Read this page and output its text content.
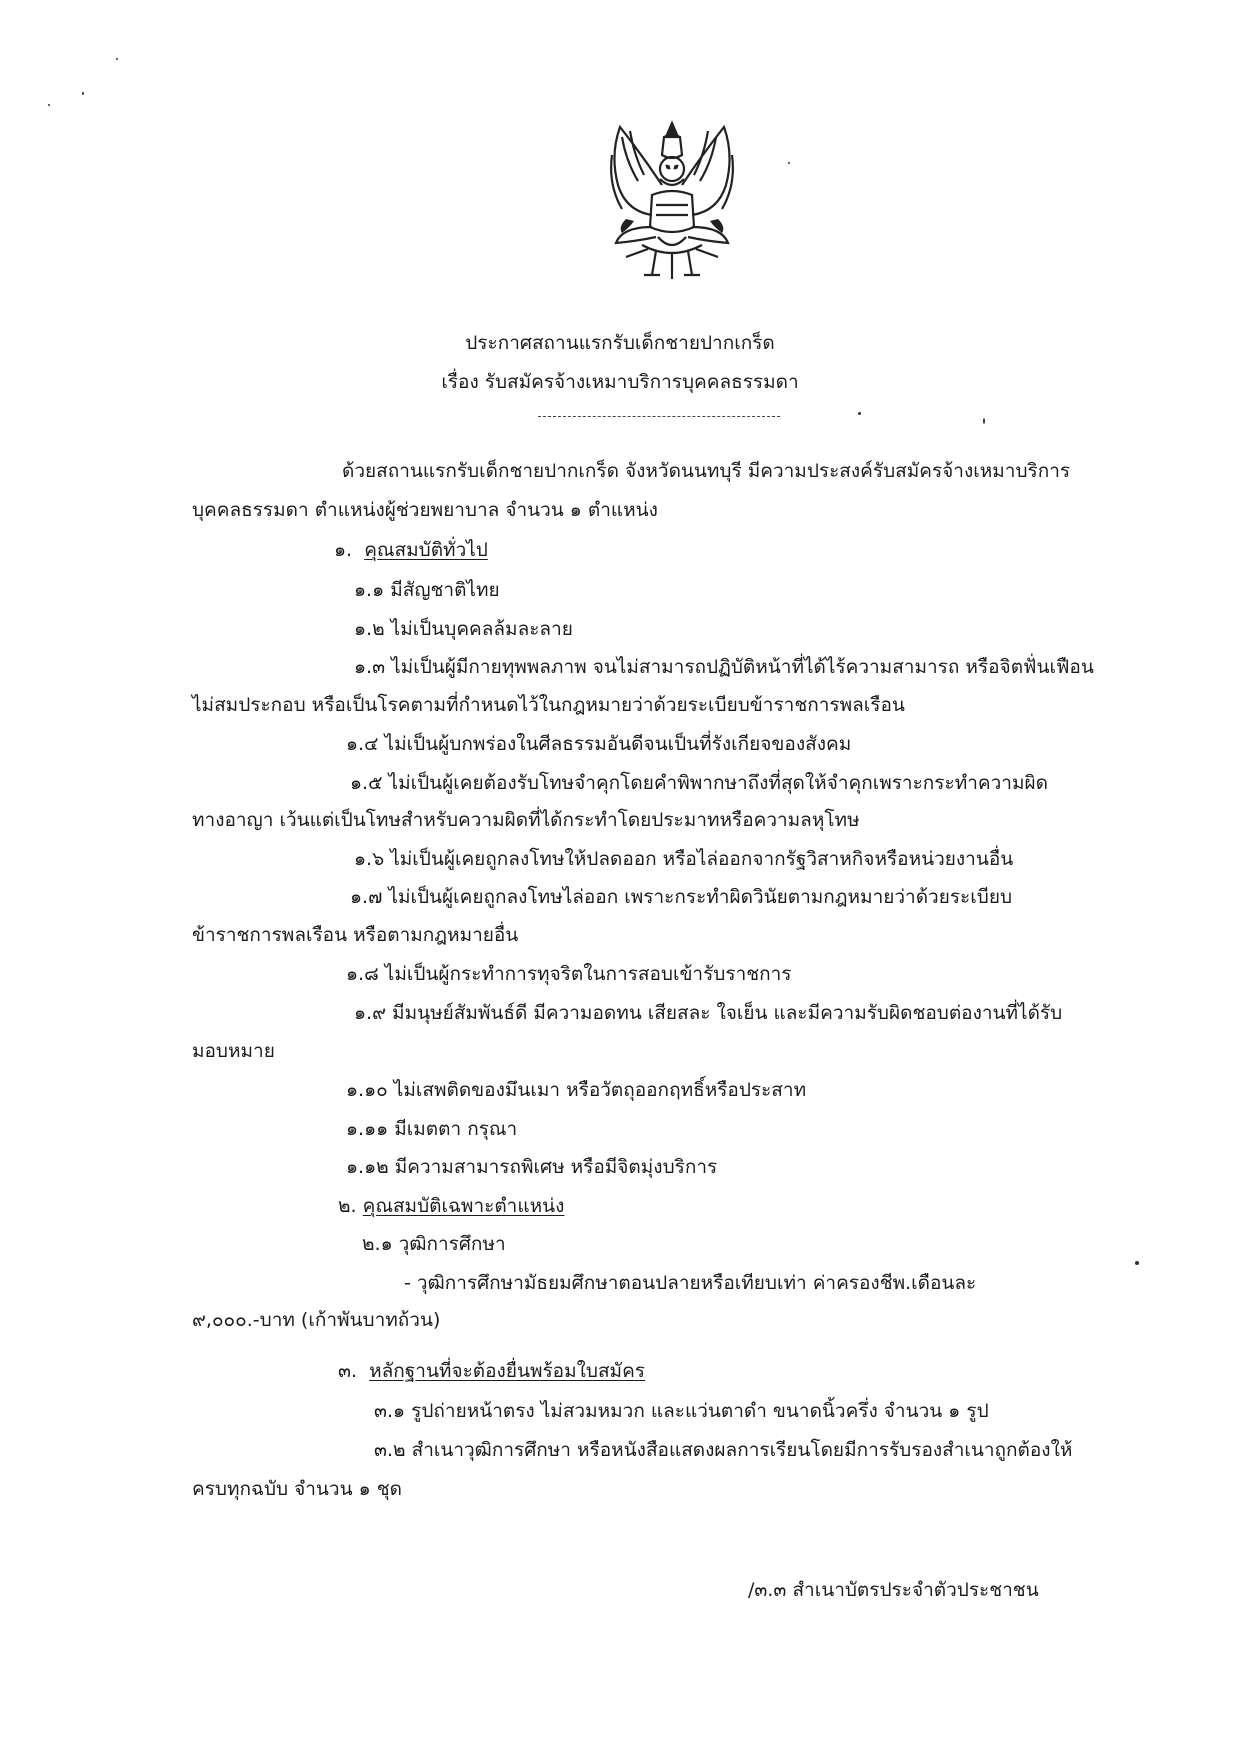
ประกาศสถานแรกรับเด็กชายปากเกร็ด
เรื่อง รับสมัครจ้างเหมาบริการบุคคลธรรมดา
ด้วยสถานแรกรับเด็กชายปากเกร็ด จังหวัดนนทบุรี มีความประสงค์รับสมัครจ้างเหมาบริการ
บุคคลธรรมดา ตำแหน่งผู้ช่วยพยาบาล จำนวน ๑ ตำแหน่ง
๑. คุณสมบัติทั่วไป
๑.๑ มีสัญชาติไทย
๑.๒ ไม่เป็นบุคคลล้มละลาย
๑.๓ ไม่เป็นผู้มีกายทุพพลภาพ จนไม่สามารถปฏิบัติหน้าที่ได้ไร้ความสามารถ หรือจิตฟั่นเฟือน
ไม่สมประกอบ หรือเป็นโรคตามที่กำหนดไว้ในกฎหมายว่าด้วยระเบียบข้าราชการพลเรือน
๑.๔ ไม่เป็นผู้บกพร่องในศีลธรรมอันดีจนเป็นที่รังเกียจของสังคม
๑.๕ ไม่เป็นผู้เคยต้องรับโทษจำคุกโดยคำพิพากษาถึงที่สุดให้จำคุกเพราะกระทำความผิด
ทางอาญา เว้นแต่เป็นโทษสำหรับความผิดที่ได้กระทำโดยประมาทหรือความลหุโทษ
๑.๖ ไม่เป็นผู้เคยถูกลงโทษให้ปลดออก หรือไล่ออกจากรัฐวิสาหกิจหรือหน่วยงานอื่น
๑.๗ ไม่เป็นผู้เคยถูกลงโทษไล่ออก เพราะกระทำผิดวินัยตามกฎหมายว่าด้วยระเบียบ
ข้าราชการพลเรือน หรือตามกฎหมายอื่น
๑.๘ ไม่เป็นผู้กระทำการทุจริตในการสอบเข้ารับราชการ
๑.๙ มีมนุษย์สัมพันธ์ดี มีความอดทน เสียสละ ใจเย็น และมีความรับผิดชอบต่องานที่ได้รับ
มอบหมาย
๑.๑๐ ไม่เสพติดของมึนเมา หรือวัตถุออกฤทธิ์หรือประสาท
๑.๑๑ มีเมตตา กรุณา
๑.๑๒ มีความสามารถพิเศษ หรือมีจิตมุ่งบริการ
๒. คุณสมบัติเฉพาะตำแหน่ง
๒.๑ วุฒิการศึกษา
- วุฒิการศึกษามัธยมศึกษาตอนปลายหรือเทียบเท่า ค่าครองชีพ.เดือนละ
๙,๐๐๐.-บาท (เก้าพันบาทถ้วน)
๓. หลักฐานที่จะต้องยื่นพร้อมใบสมัคร
๓.๑ รูปถ่ายหน้าตรง ไม่สวมหมวก และแว่นตาดำ ขนาดนิ้วครึ่ง จำนวน ๑ รูป
๓.๒ สำเนาวุฒิการศึกษา หรือหนังสือแสดงผลการเรียนโดยมีการรับรองสำเนาถูกต้องให้
ครบทุกฉบับ จำนวน ๑ ชุด
/๓.๓ สำเนาบัตรประจำตัวประชาชน
